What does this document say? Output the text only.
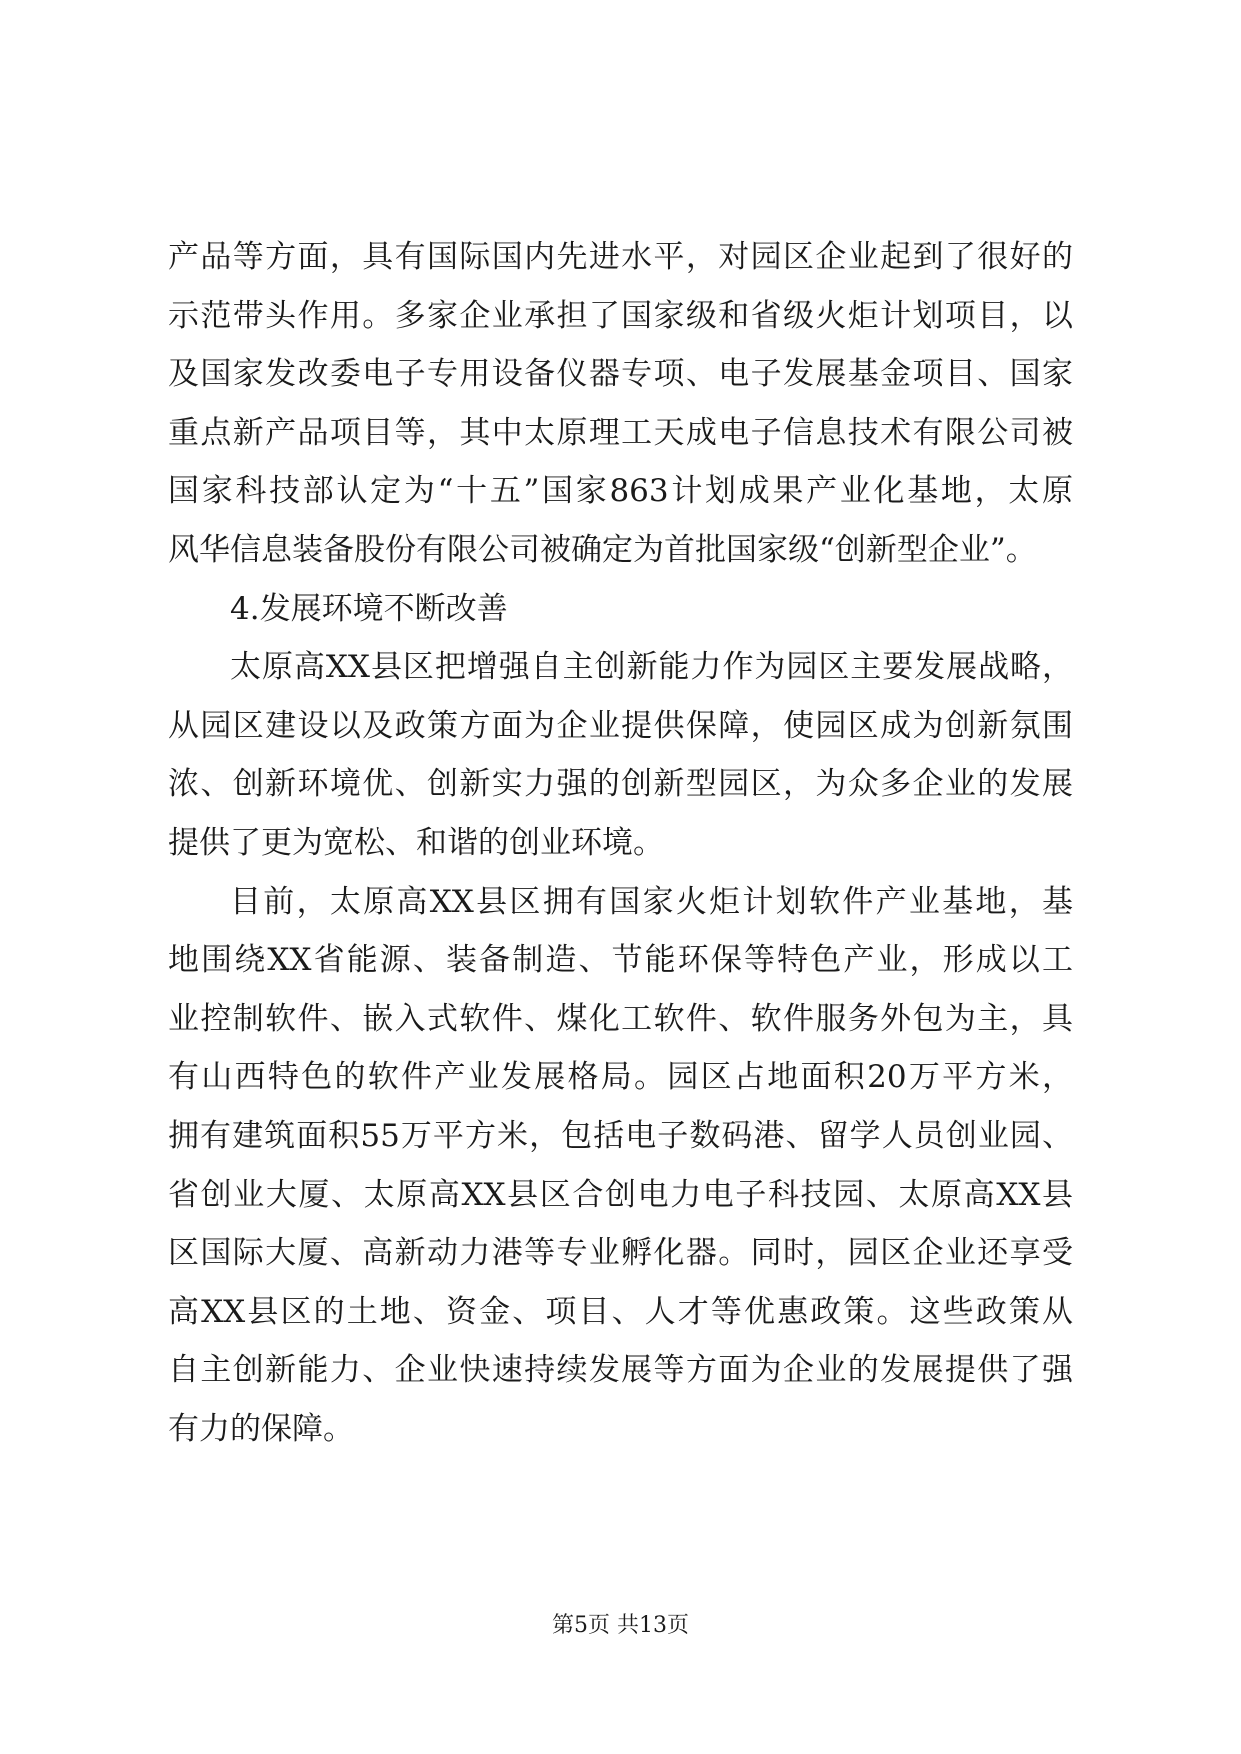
产品等方面，具有国际国内先进水平，对园区企业起到了很好的
示范带头作用。多家企业承担了国家级和省级火炬计划项目，以
及国家发改委电子专用设备仪器专项、电子发展基金项目、国家
重点新产品项目等，其中太原理工天成电子信息技术有限公司被
国家科技部认定为“十五”国家863计划成果产业化基地，太原
风华信息装备股份有限公司被确定为首批国家级“创新型企业”。
4.发展环境不断改善
太原高XX县区把增强自主创新能力作为园区主要发展战略，
从园区建设以及政策方面为企业提供保障，使园区成为创新氛围
浓、创新环境优、创新实力强的创新型园区，为众多企业的发展
提供了更为宽松、和谐的创业环境。
目前，太原高XX县区拥有国家火炬计划软件产业基地，基
地围绕XX省能源、装备制造、节能环保等特色产业，形成以工
业控制软件、嵌入式软件、煤化工软件、软件服务外包为主，具
有山西特色的软件产业发展格局。园区占地面积20万平方米，
拥有建筑面积55万平方米，包括电子数码港、留学人员创业园、
省创业大厦、太原高XX县区合创电力电子科技园、太原高XX县
区国际大厦、高新动力港等专业孵化器。同时，园区企业还享受
高XX县区的土地、资金、项目、人才等优惠政策。这些政策从
自主创新能力、企业快速持续发展等方面为企业的发展提供了强
有力的保障。
第5页 共13页
